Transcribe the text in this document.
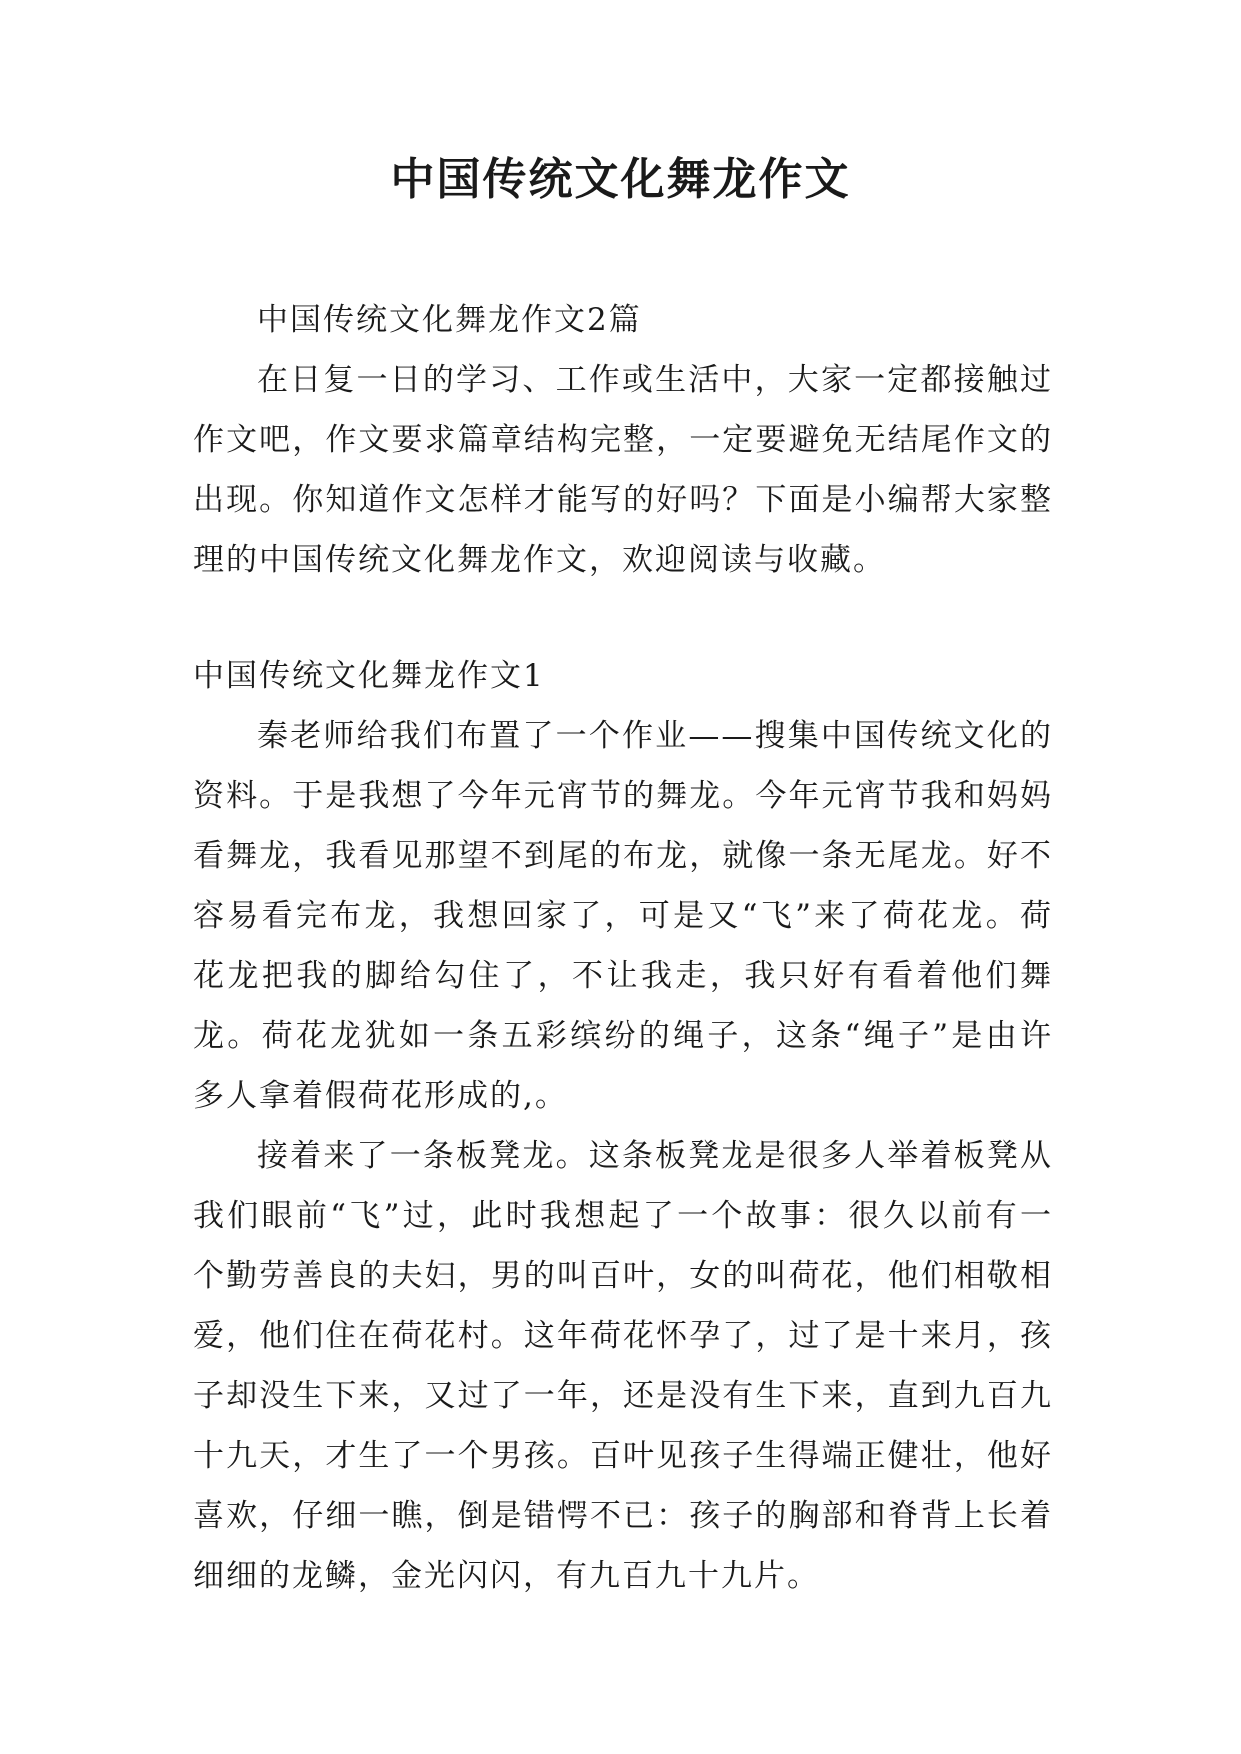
中国传统文化舞龙作文

中国传统文化舞龙作文2篇

在日复一日的学习、工作或生活中，大家一定都接触过作文吧，作文要求篇章结构完整，一定要避免无结尾作文的出现。你知道作文怎样才能写的好吗？下面是小编帮大家整理的中国传统文化舞龙作文，欢迎阅读与收藏。

中国传统文化舞龙作文1

秦老师给我们布置了一个作业——搜集中国传统文化的资料。于是我想了今年元宵节的舞龙。今年元宵节我和妈妈看舞龙，我看见那望不到尾的布龙，就像一条无尾龙。好不容易看完布龙，我想回家了，可是又“飞”来了荷花龙。荷花龙把我的脚给勾住了，不让我走，我只好有看着他们舞龙。荷花龙犹如一条五彩缤纷的绳子，这条“绳子”是由许多人拿着假荷花形成的,。

接着来了一条板凳龙。这条板凳龙是很多人举着板凳从我们眼前“飞”过，此时我想起了一个故事：很久以前有一个勤劳善良的夫妇，男的叫百叶，女的叫荷花，他们相敬相爱，他们住在荷花村。这年荷花怀孕了，过了是十来月，孩子却没生下来，又过了一年，还是没有生下来，直到九百九十九天，才生了一个男孩。百叶见孩子生得端正健壮，他好喜欢，仔细一瞧，倒是错愕不已：孩子的胸部和脊背上长着细细的龙鳞，金光闪闪，有九百九十九片。
